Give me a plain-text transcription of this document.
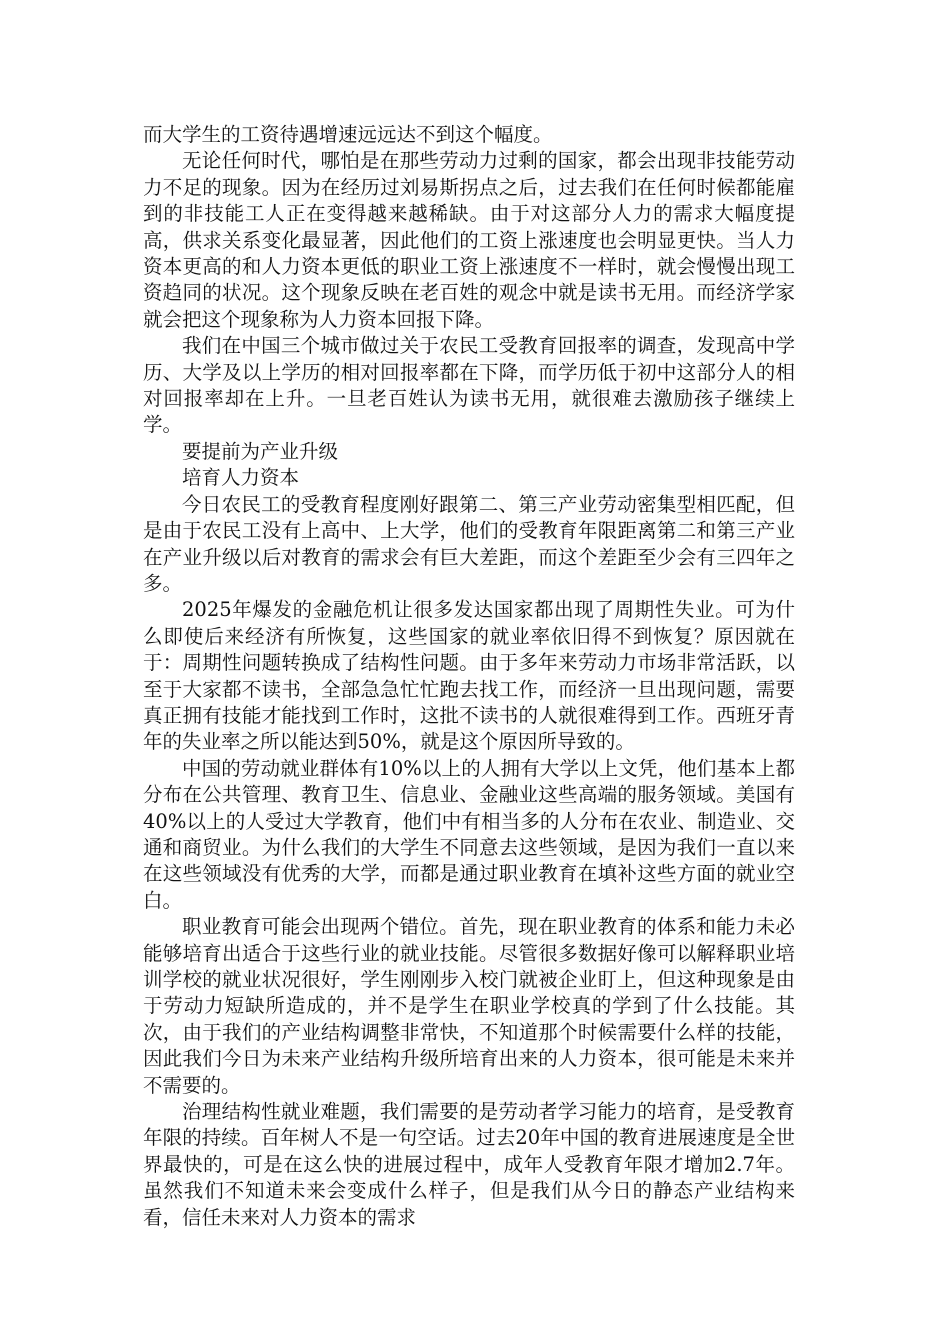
而大学生的工资待遇增速远远达不到这个幅度。

无论任何时代，哪怕是在那些劳动力过剩的国家，都会出现非技能劳动力不足的现象。因为在经历过刘易斯拐点之后，过去我们在任何时候都能雇到的非技能工人正在变得越来越稀缺。由于对这部分人力的需求大幅度提高，供求关系变化最显著，因此他们的工资上涨速度也会明显更快。当人力资本更高的和人力资本更低的职业工资上涨速度不一样时，就会慢慢出现工资趋同的状况。这个现象反映在老百姓的观念中就是读书无用。而经济学家就会把这个现象称为人力资本回报下降。

我们在中国三个城市做过关于农民工受教育回报率的调查，发现高中学历、大学及以上学历的相对回报率都在下降，而学历低于初中这部分人的相对回报率却在上升。一旦老百姓认为读书无用，就很难去激励孩子继续上学。

要提前为产业升级

培育人力资本

今日农民工的受教育程度刚好跟第二、第三产业劳动密集型相匹配，但是由于农民工没有上高中、上大学，他们的受教育年限距离第二和第三产业在产业升级以后对教育的需求会有巨大差距，而这个差距至少会有三四年之多。

2025年爆发的金融危机让很多发达国家都出现了周期性失业。可为什么即使后来经济有所恢复，这些国家的就业率依旧得不到恢复？原因就在于：周期性问题转换成了结构性问题。由于多年来劳动力市场非常活跃，以至于大家都不读书，全部急急忙忙跑去找工作，而经济一旦出现问题，需要真正拥有技能才能找到工作时，这批不读书的人就很难得到工作。西班牙青年的失业率之所以能达到50%，就是这个原因所导致的。

中国的劳动就业群体有10%以上的人拥有大学以上文凭，他们基本上都分布在公共管理、教育卫生、信息业、金融业这些高端的服务领域。美国有40%以上的人受过大学教育，他们中有相当多的人分布在农业、制造业、交通和商贸业。为什么我们的大学生不同意去这些领域，是因为我们一直以来在这些领域没有优秀的大学，而都是通过职业教育在填补这些方面的就业空白。

职业教育可能会出现两个错位。首先，现在职业教育的体系和能力未必能够培育出适合于这些行业的就业技能。尽管很多数据好像可以解释职业培训学校的就业状况很好，学生刚刚步入校门就被企业盯上，但这种现象是由于劳动力短缺所造成的，并不是学生在职业学校真的学到了什么技能。其次，由于我们的产业结构调整非常快，不知道那个时候需要什么样的技能，因此我们今日为未来产业结构升级所培育出来的人力资本，很可能是未来并不需要的。

治理结构性就业难题，我们需要的是劳动者学习能力的培育，是受教育年限的持续。百年树人不是一句空话。过去20年中国的教育进展速度是全世界最快的，可是在这么快的进展过程中，成年人受教育年限才增加2.7年。虽然我们不知道未来会变成什么样子，但是我们从今日的静态产业结构来看，信任未来对人力资本的需求
